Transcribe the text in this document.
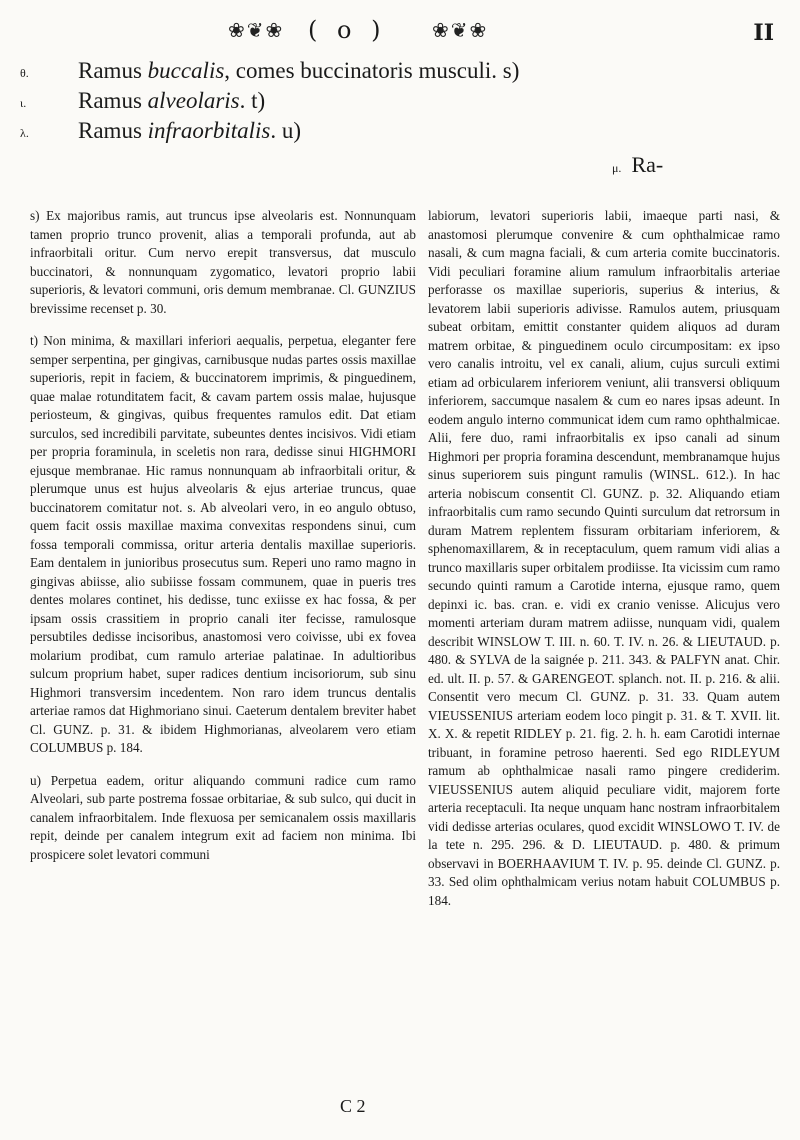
❀❦❀ ( o ) ❀❦❀	II
θ. Ramus buccalis, comes buccinatoris musculi. s)
ι. Ramus alveolaris. t)
λ. Ramus infraorbitalis. u)
μ. Ra-

s) Ex majoribus ramis, aut truncus ipse alveolaris est. Nonnunquam tamen proprio trunco provenit, alias a temporali profunda, aut ab infraorbitali oritur. Cum nervo erepit transversus, dat musculo buccinatori, & nonnunquam zygomatico, levatori proprio labii superioris, & levatori communi, oris demum membranae. Cl. GUNZIUS brevissime recenset p. 30.

t) Non minima, & maxillari inferiori aequalis, perpetua, eleganter fere semper serpentina, per gingivas, carnibusque nudas partes ossis maxillae superioris, repit in faciem, & buccinatorem imprimis, & pinguedinem, quae malae rotunditatem facit, & cavam partem ossis malae, hujusque periosteum, & gingivas, quibus frequentes ramulos edit. Dat etiam surculos, sed incredibili parvitate, subeuntes dentes incisivos. Vidi etiam per propria foraminula, in sceletis non rara, dedisse sinui HIGHMORI ejusque membranae. Hic ramus nonnunquam ab infraorbitali oritur, & plerumque unus est hujus alveolaris & ejus arteriae truncus, quae buccinatorem comitatur not. s. Ab alveolari vero, in eo angulo obtuso, quem facit ossis maxillae maxima convexitas respondens sinui, cum fossa temporali commissa, oritur arteria dentalis maxillae superioris. Eam dentalem in junioribus prosecutus sum. Reperi uno ramo magno in gingivas abiisse, alio subiisse fossam communem, quae in pueris tres dentes molares continet, his dedisse, tunc exiisse ex hac fossa, & per ipsam ossis crassitiem in proprio canali iter fecisse, ramulosque persubtiles dedisse incisoribus, anastomosi vero coivisse, ubi ex fovea molarium prodibat, cum ramulo arteriae palatinae. In adultioribus sulcum proprium habet, super radices dentium incisoriorum, sub sinu Highmori transversim incedentem. Non raro idem truncus dentalis arteriae ramos dat Highmoriano sinui. Caeterum dentalem breviter habet Cl. GUNZ. p. 31. & ibidem Highmorianas, alveolarem vero etiam COLUMBUS p. 184.

u) Perpetua eadem, oritur aliquando communi radice cum ramo Alveolari, sub parte postrema fossae orbitariae, & sub sulco, qui ducit in canalem infraorbitalem. Inde flexuosa per semicanalem ossis maxillaris repit, deinde per canalem integrum exit ad faciem non minima. Ibi prospicere solet levatori communi

labiorum, levatori superioris labii, imaeque parti nasi, & anastomosi plerumque convenire & cum ophthalmicae ramo nasali, & cum magna faciali, & cum arteria comite buccinatoris. Vidi peculiari foramine alium ramulum infraorbitalis arteriae perforasse os maxillae superioris, superius & interius, & levatorem labii superioris adivisse. Ramulos autem, priusquam subeat orbitam, emittit constanter quidem aliquos ad duram matrem orbitae, & pinguedinem oculo circumpositam: ex ipso vero canalis introitu, vel ex canali, alium, cujus surculi extimi etiam ad orbicularem inferiorem veniunt, alii transversi obliquum inferiorem, saccumque nasalem & cum eo nares ipsas adeunt. In eodem angulo interno communicat idem cum ramo ophthalmicae. Alii, fere duo, rami infraorbitalis ex ipso canali ad sinum Highmori per propria foramina descendunt, membranamque hujus sinus superiorem suis pingunt ramulis (WINSL. 612.). In hac arteria nobiscum consentit Cl. GUNZ. p. 32. Aliquando etiam infraorbitalis cum ramo secundo Quinti surculum dat retrorsum in duram Matrem replentem fissuram orbitariam inferiorem, & sphenomaxillarem, & in receptaculum, quem ramum vidi alias a trunco maxillaris super orbitalem prodiisse. Ita vicissim cum ramo secundo quinti ramum a Carotide interna, ejusque ramo, quem depinxi ic. bas. cran. e. vidi ex cranio venisse. Alicujus vero momenti arteriam duram matrem adiisse, nunquam vidi, qualem describit WINSLOW T. III. n. 60. T. IV. n. 26. & LIEUTAUD. p. 480. & SYLVA de la saignée p. 211. 343. & PALFYN anat. Chir. ed. ult. II. p. 57. & GARENGEOT. splanch. not. II. p. 216. & alii. Consentit vero mecum Cl. GUNZ. p. 31. 33. Quam autem VIEUSSENIUS arteriam eodem loco pingit p. 31. & T. XVII. lit. X. X. & repetit RIDLEY p. 21. fig. 2. h. h. eam Carotidi internae tribuant, in foramine petroso haerenti. Sed ego RIDLEYUM ramum ab ophthalmicae nasali ramo pingere crediderim. VIEUSSENIUS autem aliquid peculiare vidit, majorem forte arteria receptaculi. Ita neque unquam hanc nostram infraorbitalem vidi dedisse arterias oculares, quod excidit WINSLOWO T. IV. de la tete n. 295. 296. & D. LIEUTAUD. p. 480. & primum observavi in BOERHAAVIUM T. IV. p. 95. deinde Cl. GUNZ. p. 33. Sed olim ophthalmicam verius notam habuit COLUMBUS p. 184.

C 2
